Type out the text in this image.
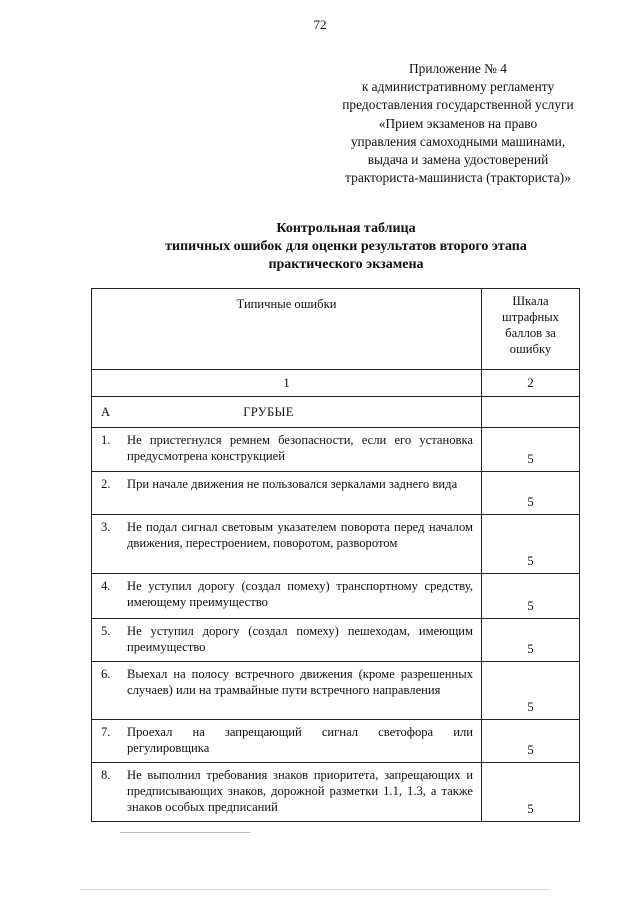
72
Приложение № 4
к административному регламенту
предоставления государственной услуги
«Прием экзаменов на право
управления самоходными машинами,
выдача и замена удостоверений
тракториста-машиниста (тракториста)»
Контрольная таблица
типичных ошибок для оценки результатов второго этапа
практического экзамена
Типичные ошибки	Шкала
штрафных
баллов за
ошибку

1	2

А ГРУБЫЕ	

1. Не пристегнулся ремнем безопасности, если его установка предусмотрена конструкцией	5

2. При начале движения не пользовался зеркалами заднего вида	5

3. Не подал сигнал световым указателем поворота перед началом движения, перестроением, поворотом, разворотом	5

4. Не уступил дорогу (создал помеху) транспортному средству, имеющему преимущество	5

5. Не уступил дорогу (создал помеху) пешеходам, имеющим преимущество	5

6. Выехал на полосу встречного движения (кроме разрешенных случаев) или на трамвайные пути встречного направления	5

7. Проехал на запрещающий сигнал светофора или регулировщика	5

8. Не выполнил требования знаков приоритета, запрещающих и предписывающих знаков, дорожной разметки 1.1, 1.3, а также знаков особых предписаний	5
